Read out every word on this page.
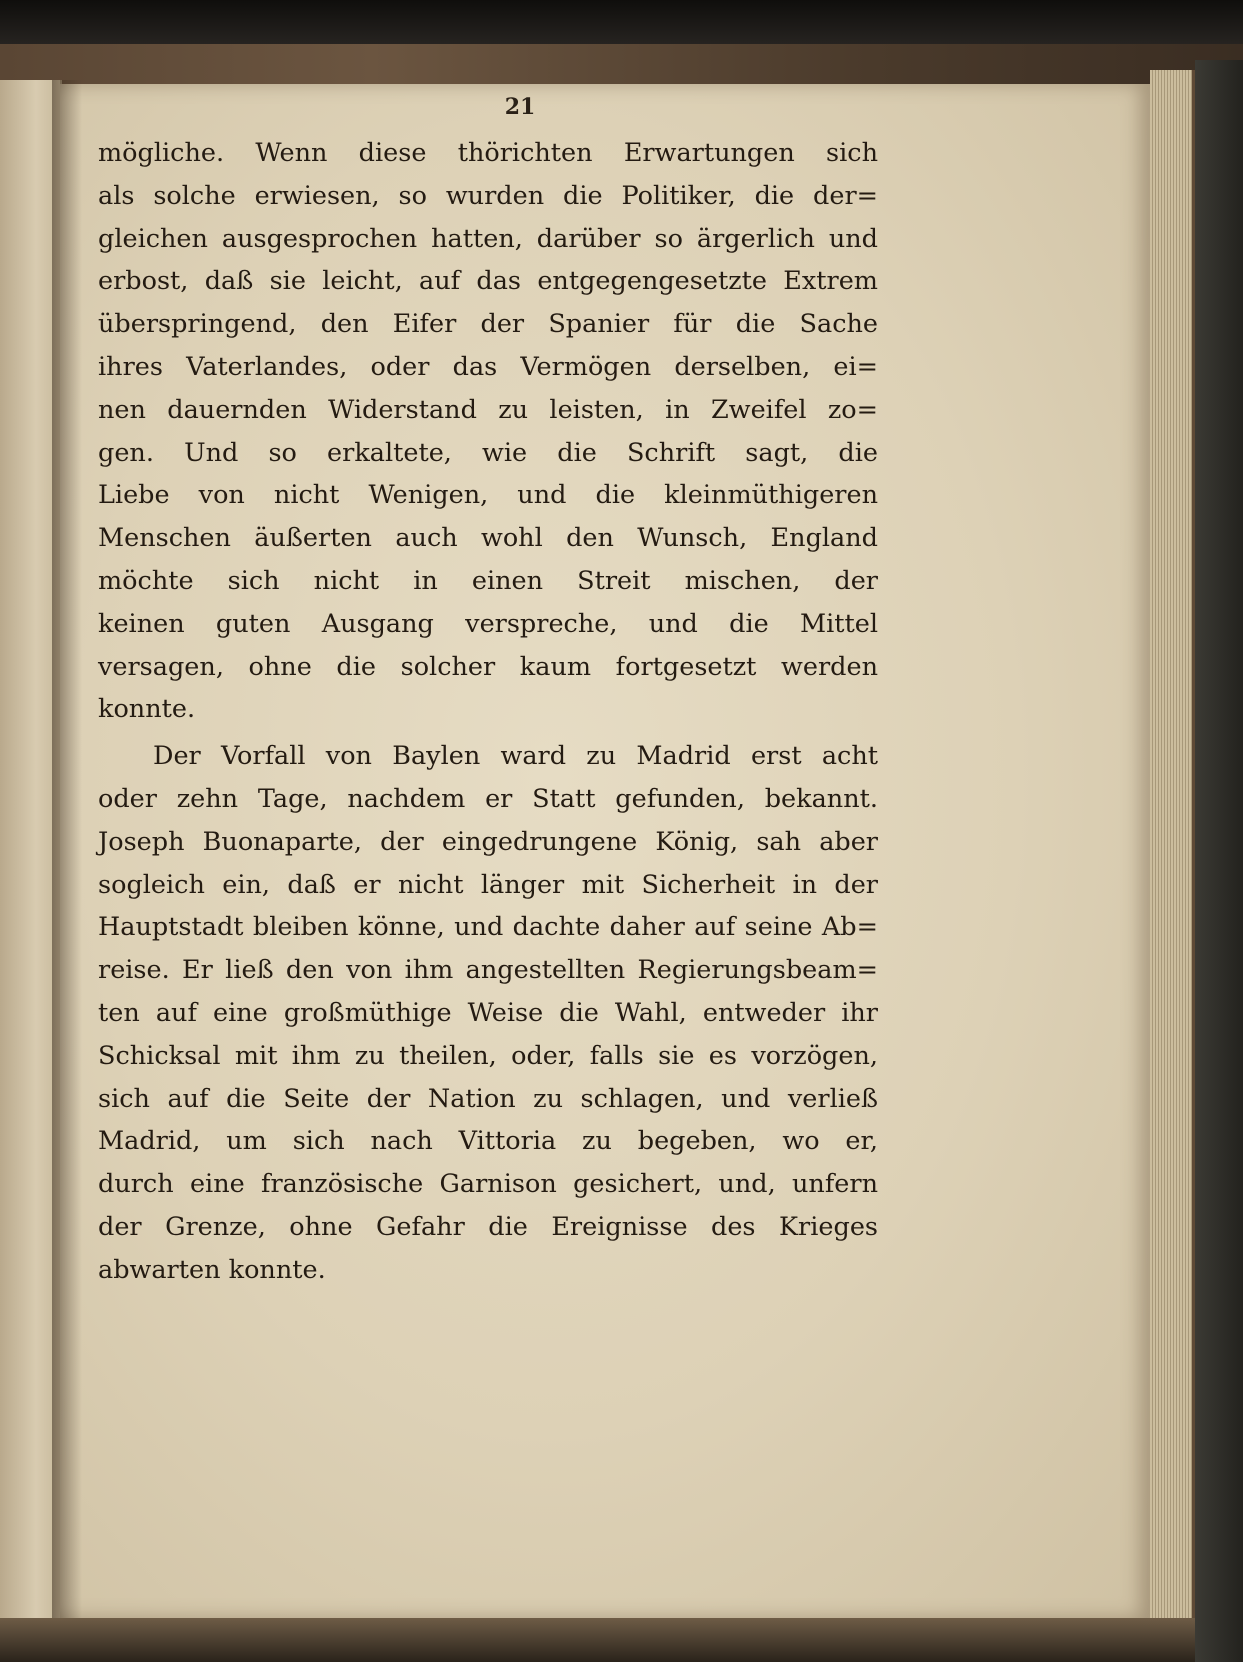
21
mögliche. Wenn diese thörichten Erwartungen sich
als solche erwiesen, so wurden die Politiker, die der=
gleichen ausgesprochen hatten, darüber so ärgerlich und
erbost, daß sie leicht, auf das entgegengesetzte Extrem
überspringend, den Eifer der Spanier für die Sache
ihres Vaterlandes, oder das Vermögen derselben, ei=
nen dauernden Widerstand zu leisten, in Zweifel zo=
gen. Und so erkaltete, wie die Schrift sagt, die
Liebe von nicht Wenigen, und die kleinmüthigeren
Menschen äußerten auch wohl den Wunsch, England
möchte sich nicht in einen Streit mischen, der
keinen guten Ausgang verspreche, und die Mittel
versagen, ohne die solcher kaum fortgesetzt werden
konnte.
Der Vorfall von Baylen ward zu Madrid erst acht
oder zehn Tage, nachdem er Statt gefunden, bekannt.
Joseph Buonaparte, der eingedrungene König, sah aber
sogleich ein, daß er nicht länger mit Sicherheit in der
Hauptstadt bleiben könne, und dachte daher auf seine Ab=
reise. Er ließ den von ihm angestellten Regierungsbeam=
ten auf eine großmüthige Weise die Wahl, entweder ihr
Schicksal mit ihm zu theilen, oder, falls sie es vorzögen,
sich auf die Seite der Nation zu schlagen, und verließ
Madrid, um sich nach Vittoria zu begeben, wo er,
durch eine französische Garnison gesichert, und, unfern
der Grenze, ohne Gefahr die Ereignisse des Krieges
abwarten konnte.
